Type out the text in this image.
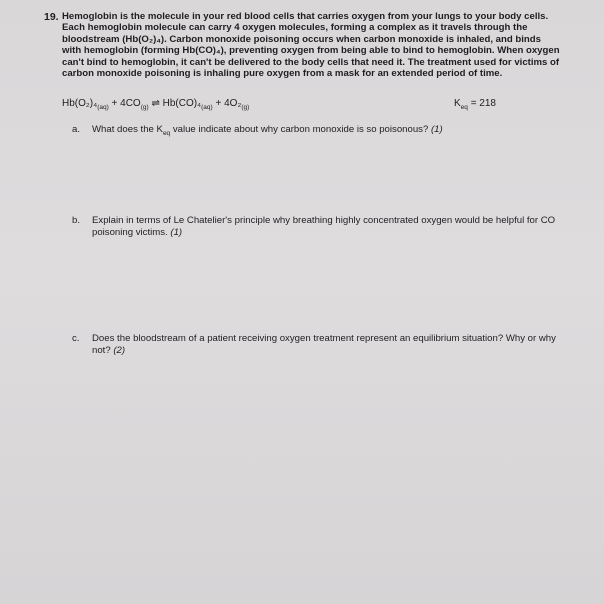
19. Hemoglobin is the molecule in your red blood cells that carries oxygen from your lungs to your body cells. Each hemoglobin molecule can carry 4 oxygen molecules, forming a complex as it travels through the bloodstream (Hb(O₂)₄). Carbon monoxide poisoning occurs when carbon monoxide is inhaled, and binds with hemoglobin (forming Hb(CO)₄), preventing oxygen from being able to bind to hemoglobin. When oxygen can't bind to hemoglobin, it can't be delivered to the body cells that need it. The treatment used for victims of carbon monoxide poisoning is inhaling pure oxygen from a mask for an extended period of time.
$Hb(O_2)_4_{(aq)} + 4CO_{(g)}$ ⇌ $Hb(CO)_4_{(aq)} + 4O_2_{(g)}$	$K_{eq} = 218$
a. What does the $K_{eq}$ value indicate about why carbon monoxide is so poisonous? (1)
b. Explain in terms of Le Chatelier's principle why breathing highly concentrated oxygen would be helpful for CO poisoning victims. (1)
c. Does the bloodstream of a patient receiving oxygen treatment represent an equilibrium situation? Why or why not? (2)
